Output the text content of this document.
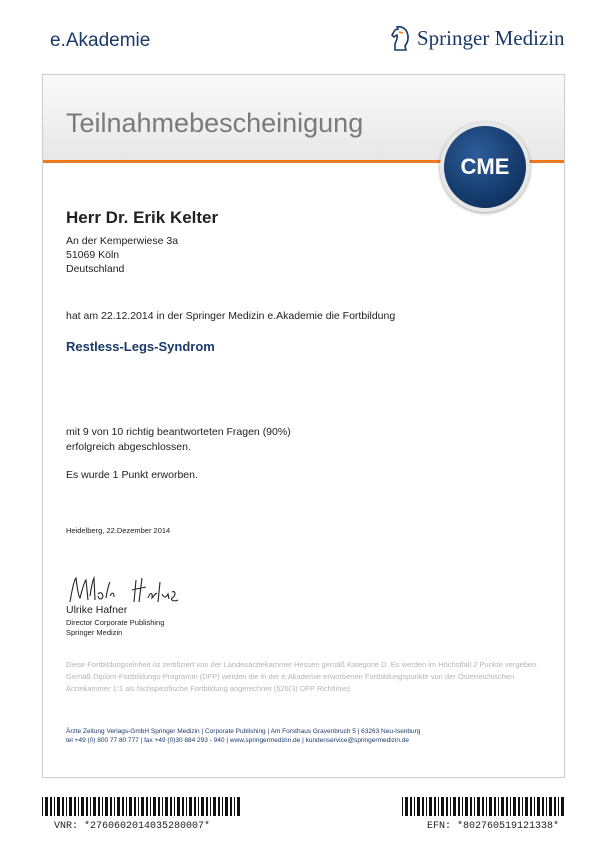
e.Akademie	Springer Medizin
Teilnahmebescheinigung
CME
Herr Dr. Erik Kelter
An der Kemperwiese 3a
51069 Köln
Deutschland
hat am 22.12.2014 in der Springer Medizin e.Akademie die Fortbildung
Restless-Legs-Syndrom
mit 9 von 10 richtig beantworteten Fragen (90%)
erfolgreich abgeschlossen.
Es wurde 1 Punkt erworben.
Heidelberg, 22.Dezember 2014
Ulrike Hafner
Director Corporate Publishing
Springer Medizin
Diese Fortbildungseinheit ist zertifiziert von der Landesärztekammer Hessen gemäß Kategorie D. Es werden im Höchstfall 2 Punkte vergeben. Gemäß Diplom-Fortbildungs-Programm (DFP) werden die in der e.Akademie erworbenen Fortbildungspunkte von der Österreichischen Ärztekammer 1:1 als fachspezifische Fortbildung angerechnet (§26(3) DFP Richtlinie).
Ärzte Zeitung Verlags-GmbH Springer Medizin | Corporate Publishing | Am Forsthaus Gravenbruch 5 | 63263 Neu-Isenburg
tel +49 (0) 800 77 80 777 | fax +49 (0)30 884 293 - 940 | www.springermedizin.de | kundenservice@springermedizin.de
VNR: *2760602014035280007*	EFN: *802760519121338*
